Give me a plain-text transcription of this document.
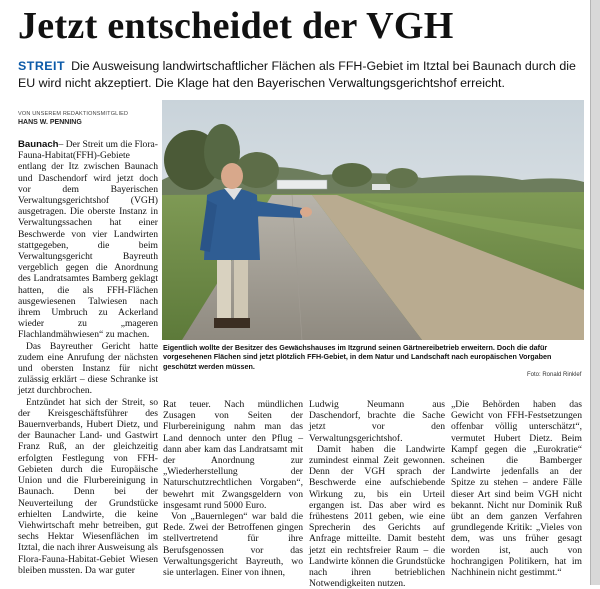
Jetzt entscheidet der VGH
STREIT Die Ausweisung landwirtschaftlicher Flächen als FFH-Gebiet im Itztal bei Baunach durch die EU wird nicht akzeptiert. Die Klage hat den Bayerischen Verwaltungsgerichtshof erreicht.
VON UNSEREM REDAKTIONSMITGLIED
HANS W. PENNING

Baunach– Der Streit um die Flora-Fauna-Habitat(FFH)-Gebiete entlang der Itz zwischen Baunach und Daschendorf wird jetzt doch vor dem Bayerischen Verwaltungsgerichtshof (VGH) ausgetragen. Die oberste Instanz in Verwaltungssachen hat einer Beschwerde von vier Landwirten stattgegeben, die beim Verwaltungsgericht Bayreuth vergeblich gegen die Anordnung des Landratsamtes Bamberg geklagt hatten, die als FFH-Flächen ausgewiesenen Talwiesen nach ihrem Umbruch zu Ackerland wieder zu „mageren Flachlandmähwiesen“ zu machen.

Das Bayreuther Gericht hatte zudem eine Anrufung der nächsten und obersten Instanz für nicht zulässig erklärt – diese Schranke ist jetzt durchbrochen.

Entzündet hat sich der Streit, so der Kreisgeschäftsführer des Bauernverbands, Hubert Dietz, und der Baunacher Land- und Gastwirt Franz Ruß, an der gleichzeitig erfolgten Festlegung von FFH-Gebieten durch die Europäische Union und die Flurbereinigung in Baunach. Denn bei der Neuverteilung der Grundstücke erhielten Landwirte, die keine Viehwirtschaft mehr betreiben, gut sechs Hektar Wiesenflächen im Itztal, die nach ihrer Ausweisung als Flora-Fauna-Habitat-Gebiet Wiesen bleiben mussten. Da war guter

Eigentlich wollte der Besitzer des Gewächshauses im Itzgrund seinen Gärtnereibetrieb erweitern. Doch die dafür vorgesehenen Flächen sind jetzt plötzlich FFH-Gebiet, in dem Natur und Landschaft nach europäischen Vorgaben geschützt werden müssen.
Foto: Ronald Rinklef

Rat teuer. Nach mündlichen Zusagen von Seiten der Flurbereinigung nahm man das Land dennoch unter den Pflug – dann aber kam das Landratsamt mit der Anordnung zur „Wiederherstellung der Naturschutzrechtlichen Vorgaben“, bewehrt mit Zwangsgeldern von insgesamt rund 5000 Euro.

Von „Bauernlegen“ war bald die Rede. Zwei der Betroffenen gingen stellvertretend für ihre Berufsgenossen vor das Verwaltungsgericht Bayreuth, wo sie unterlagen. Einer von ihnen,

Ludwig Neumann aus Daschendorf, brachte die Sache jetzt vor den Verwaltungsgerichtshof.

Damit haben die Landwirte zumindest einmal Zeit gewonnen. Denn der VGH sprach der Beschwerde eine aufschiebende Wirkung zu, bis ein Urteil ergangen ist. Das aber wird es frühestens 2011 geben, wie eine Sprecherin des Gerichts auf Anfrage mitteilte. Damit besteht jetzt ein rechtsfreier Raum – die Landwirte können die Grundstücke nach ihren betrieblichen Notwendigkeiten nutzen.

„Die Behörden haben das Gewicht von FFH-Festsetzungen offenbar völlig unterschätzt“, vermutet Hubert Dietz. Beim Kampf gegen die „Eurokratie“ scheinen die Bamberger Landwirte jedenfalls an der Spitze zu stehen – andere Fälle dieser Art sind beim VGH nicht bekannt. Nicht nur Dominik Ruß übt an dem ganzen Verfahren grundlegende Kritik: „Vieles von dem, was uns früher gesagt worden ist, auch von hochrangigen Politikern, hat im Nachhinein nicht gestimmt.“
